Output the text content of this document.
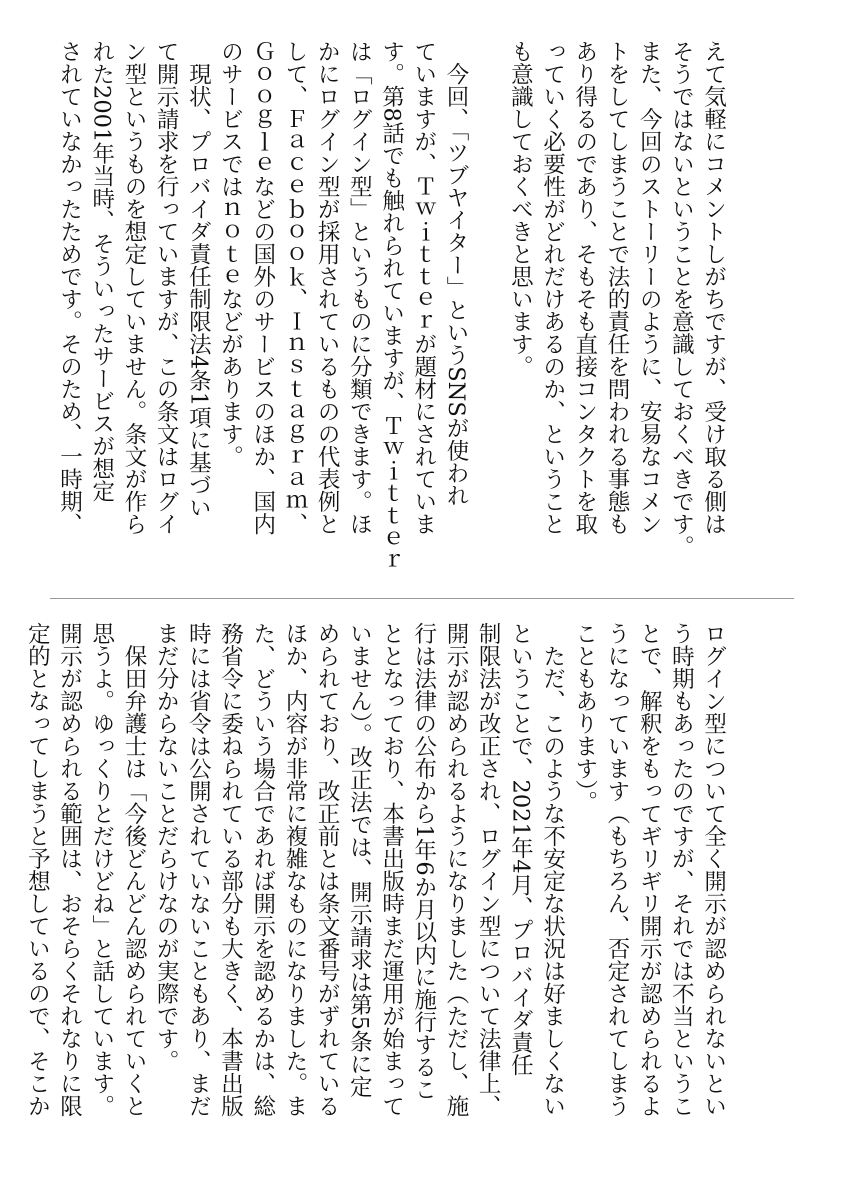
えて気軽にコメントしがちですが、受け取る側は
そうではないということを意識しておくべきです。
また、今回のストーリーのように、安易なコメン
トをしてしまうことで法的責任を問われる事態も
あり得るのであり、そもそも直接コンタクトを取
っていく必要性がどれだけあるのか、ということ
も意識しておくべきと思います。

　今回、「ツブヤイター」というSNSが使われ
ていますが、Ｔｗｉｔｔｅｒが題材にされていま
す。第8話でも触れられていますが、Ｔｗｉｔｔｅｒ
は「ログイン型」というものに分類できます。ほ
かにログイン型が採用されているものの代表例と
して、Ｆａｃｅｂｏｏｋ、Ｉｎｓｔａｇｒａｍ、
Ｇｏｏｇｌｅなどの国外のサービスのほか、国内
のサービスではｎｏｔｅなどがあります。
　現状、プロバイダ責任制限法4条1項に基づい
て開示請求を行っていますが、この条文はログイ
ン型というものを想定していません。条文が作ら
れた2001年当時、そういったサービスが想定
されていなかったためです。そのため、一時期、

ログイン型について全く開示が認められないとい
う時期もあったのですが、それでは不当というこ
とで、解釈をもってギリギリ開示が認められるよ
うになっています（もちろん、否定されてしまう
こともあります）。
　ただ、このような不安定な状況は好ましくない
ということで、2021年4月、プロバイダ責任
制限法が改正され、ログイン型について法律上、
開示が認められるようになりました（ただし、施
行は法律の公布から1年6か月以内に施行するこ
ととなっており、本書出版時まだ運用が始まって
いません）。改正法では、開示請求は第5条に定
められており、改正前とは条文番号がずれている
ほか、内容が非常に複雑なものになりました。ま
た、どういう場合であれば開示を認めるかは、総
務省令に委ねられている部分も大きく、本書出版
時には省令は公開されていないこともあり、まだ
まだ分からないことだらけなのが実際です。
　保田弁護士は「今後どんどん認められていくと
思うよ。ゆっくりとだけどね」と話しています。
開示が認められる範囲は、おそらくそれなりに限
定的となってしまうと予想しているので、そこか
